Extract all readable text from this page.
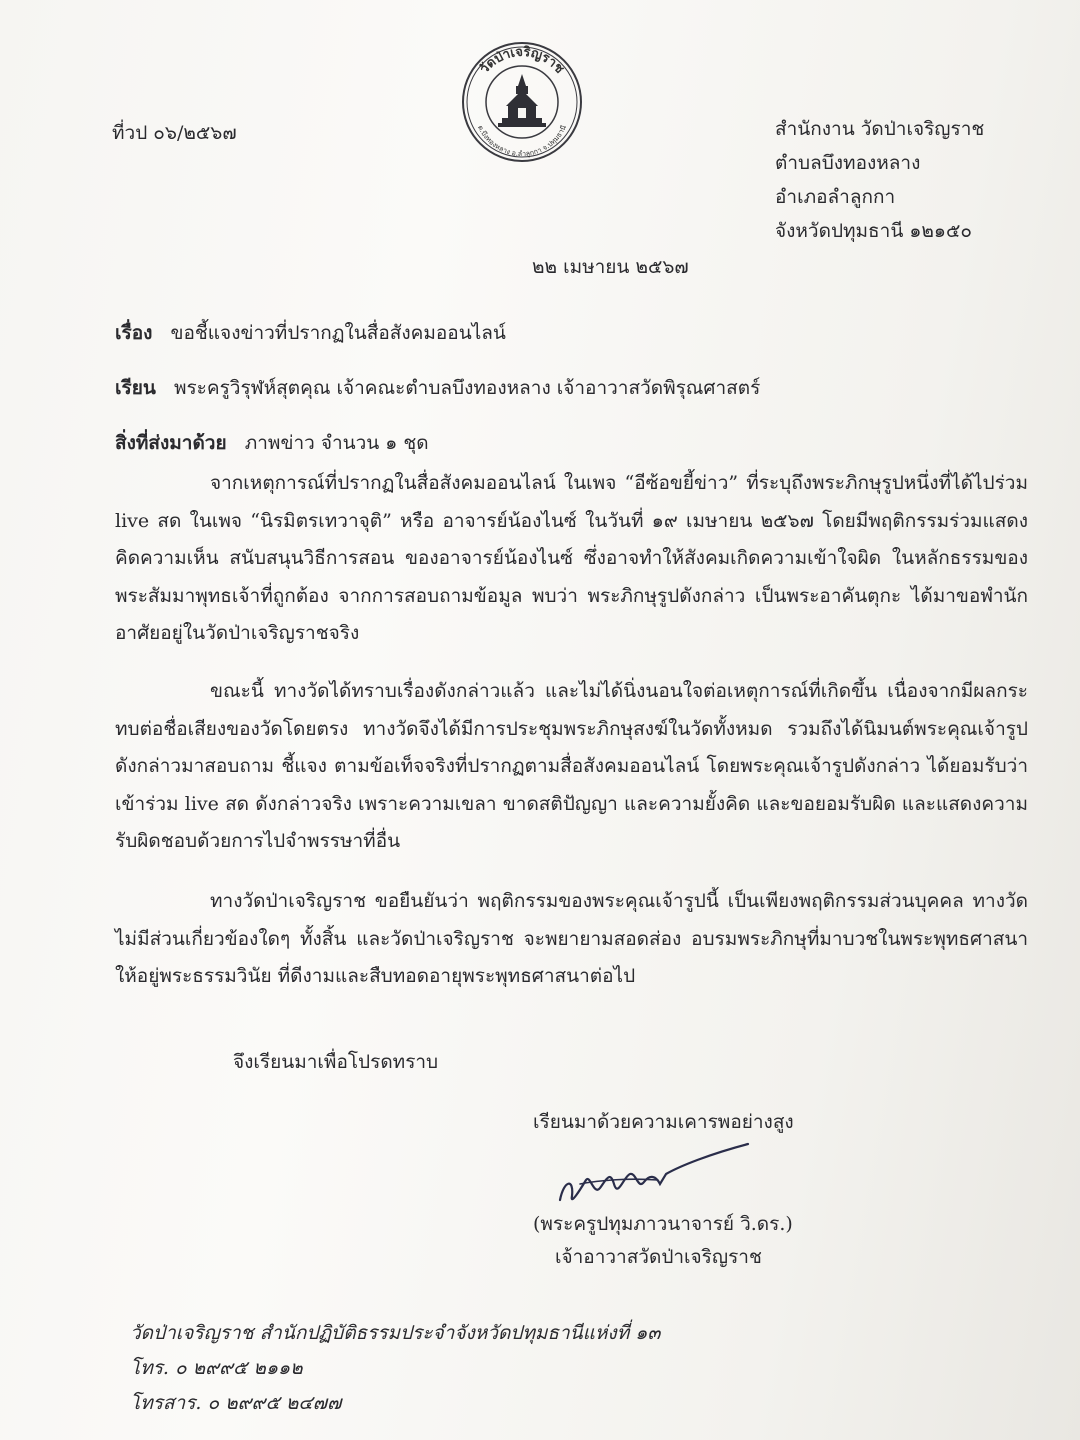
วัดป่าเจริญราช
ต.บึงทองหลาง อ.ลำลูกกา จ.ปทุมธานี
ที่วป ๐๖/๒๕๖๗	สำนักงาน วัดป่าเจริญราช
ตำบลบึงทองหลาง
อำเภอลำลูกกา
จังหวัดปทุมธานี ๑๒๑๕๐
๒๒ เมษายน ๒๕๖๗
เรื่อง ขอชี้แจงข่าวที่ปรากฏในสื่อสังคมออนไลน์
เรียน พระครูวิรุฬห์สุตคุณ เจ้าคณะตำบลบึงทองหลาง เจ้าอาวาสวัดพิรุณศาสตร์
สิ่งที่ส่งมาด้วย ภาพข่าว จำนวน ๑ ชุด
จากเหตุการณ์ที่ปรากฏในสื่อสังคมออนไลน์ ในเพจ “อีซ้อขยี้ข่าว” ที่ระบุถึงพระภิกษุรูปหนึ่งที่ได้ไปร่วม live สด ในเพจ “นิรมิตรเทวาจุติ” หรือ อาจารย์น้องไนซ์ ในวันที่ ๑๙ เมษายน ๒๕๖๗ โดยมีพฤติกรรมร่วมแสดงคิดความเห็น สนับสนุนวิธีการสอน ของอาจารย์น้องไนซ์ ซึ่งอาจทำให้สังคมเกิดความเข้าใจผิด ในหลักธรรมของพระสัมมาพุทธเจ้าที่ถูกต้อง จากการสอบถามข้อมูล พบว่า พระภิกษุรูปดังกล่าว เป็นพระอาคันตุกะ ได้มาขอพำนักอาศัยอยู่ในวัดป่าเจริญราชจริง
ขณะนี้ ทางวัดได้ทราบเรื่องดังกล่าวแล้ว และไม่ได้นิ่งนอนใจต่อเหตุการณ์ที่เกิดขึ้น เนื่องจากมีผลกระทบต่อชื่อเสียงของวัดโดยตรง ทางวัดจึงได้มีการประชุมพระภิกษุสงฆ์ในวัดทั้งหมด รวมถึงได้นิมนต์พระคุณเจ้ารูปดังกล่าวมาสอบถาม ชี้แจง ตามข้อเท็จจริงที่ปรากฏตามสื่อสังคมออนไลน์ โดยพระคุณเจ้ารูปดังกล่าว ได้ยอมรับว่า เข้าร่วม live สด ดังกล่าวจริง เพราะความเขลา ขาดสติปัญญา และความยั้งคิด และขอยอมรับผิด และแสดงความรับผิดชอบด้วยการไปจำพรรษาที่อื่น
ทางวัดป่าเจริญราช ขอยืนยันว่า พฤติกรรมของพระคุณเจ้ารูปนี้ เป็นเพียงพฤติกรรมส่วนบุคคล ทางวัดไม่มีส่วนเกี่ยวข้องใดๆ ทั้งสิ้น และวัดป่าเจริญราช จะพยายามสอดส่อง อบรมพระภิกษุที่มาบวชในพระพุทธศาสนาให้อยู่พระธรรมวินัย ที่ดีงามและสืบทอดอายุพระพุทธศาสนาต่อไป
จึงเรียนมาเพื่อโปรดทราบ
เรียนมาด้วยความเคารพอย่างสูง
(พระครูปทุมภาวนาจารย์ วิ.ดร.)
เจ้าอาวาสวัดป่าเจริญราช
วัดป่าเจริญราช สำนักปฏิบัติธรรมประจำจังหวัดปทุมธานีแห่งที่ ๑๓
โทร. ๐ ๒๙๙๕ ๒๑๑๒
โทรสาร. ๐ ๒๙๙๕ ๒๔๗๗
